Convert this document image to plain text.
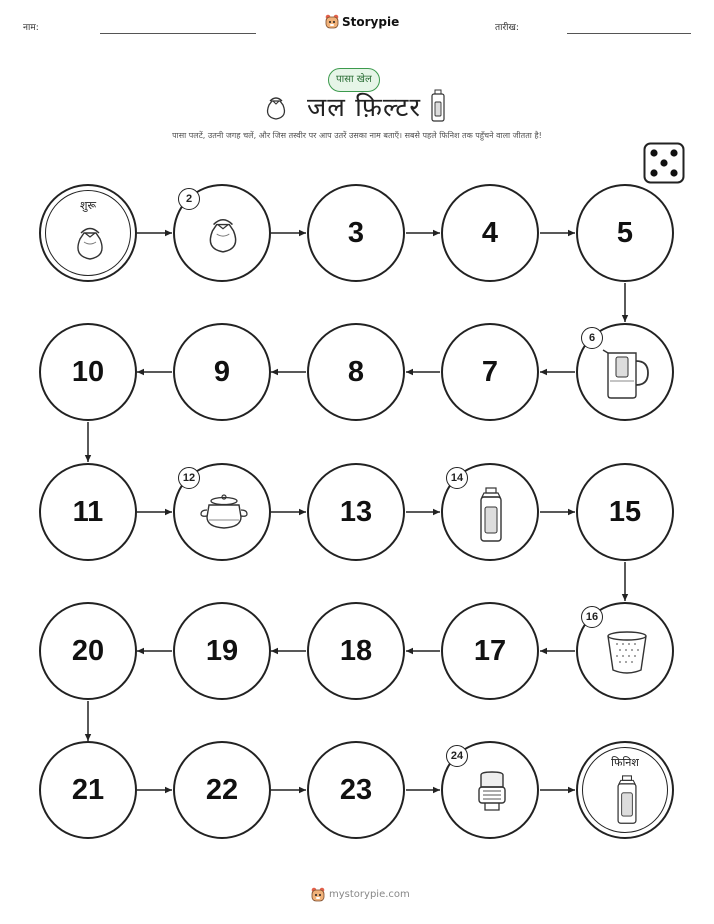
नाम:	Storypie	तारीख:
पासा खेल
जल फ़िल्टर
पासा पलटें, उतनी जगह चलें, और जिस तस्वीर पर आप उतरें उसका नाम बताएँ। सबसे पहले फिनिश तक पहुँचने वाला जीतता है!
शुरू	2
3	4	5
10	9	8	7
6
11
12
13
14
15
20	19	18	17
16
21	22	23
24	फिनिश
mystorypie.com
